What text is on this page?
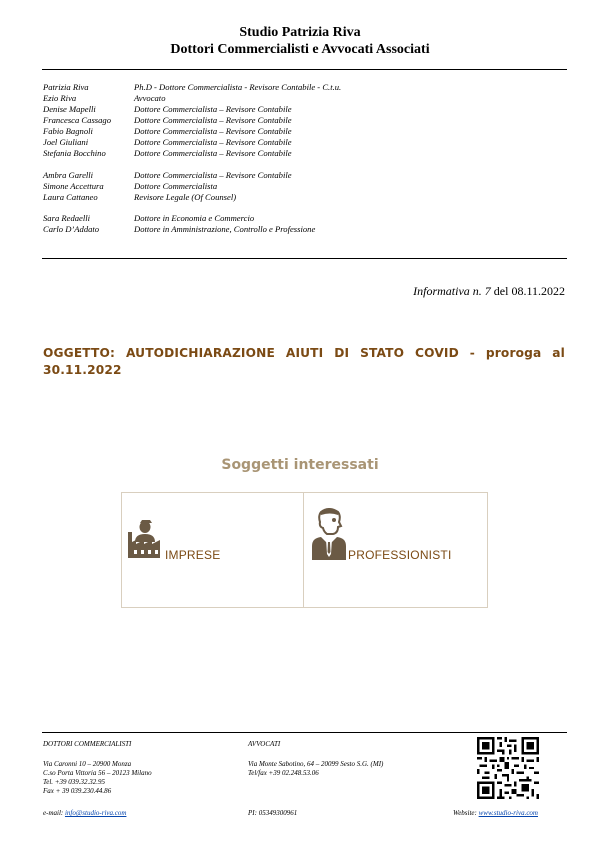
Studio Patrizia Riva
Dottori Commercialisti e Avvocati Associati
Patrizia Riva	Ph.D - Dottore Commercialista - Revisore Contabile - C.t.u.
Ezio Riva	Avvocato
Denise Mapelli	Dottore Commercialista – Revisore Contabile
Francesca Cassago	Dottore Commercialista – Revisore Contabile
Fabio Bagnoli	Dottore Commercialista – Revisore Contabile
Joel Giuliani	Dottore Commercialista – Revisore Contabile
Stefania Bocchino	Dottore Commercialista – Revisore Contabile
Ambra Garelli	Dottore Commercialista – Revisore Contabile
Simone Accettura	Dottore Commercialista
Laura Cattaneo	Revisore Legale (Of Counsel)
Sara Redaelli	Dottore in Economia e Commercio
Carlo D’Addato	Dottore in Amministrazione, Controllo e Professione
Informativa n. 7 del 08.11.2022
OGGETTO: AUTODICHIARAZIONE AIUTI DI STATO COVID - proroga al 30.11.2022
Soggetti interessati
IMPRESE	PROFESSIONISTI
DOTTORI COMMERCIALISTI
Via Caronni 10 – 20900 Monza
C.so Porta Vittoria 56 – 20123 Milano
Tel. +39 039.32.32.95
Fax + 39 039.230.44.86
AVVOCATI
Via Monte Sabotino, 64 – 20099 Sesto S.G. (MI)
Tel/fax +39 02.248.53.06
e-mail: info@studio-riva.com	PI: 05349300961	Website: www.studio-riva.com
